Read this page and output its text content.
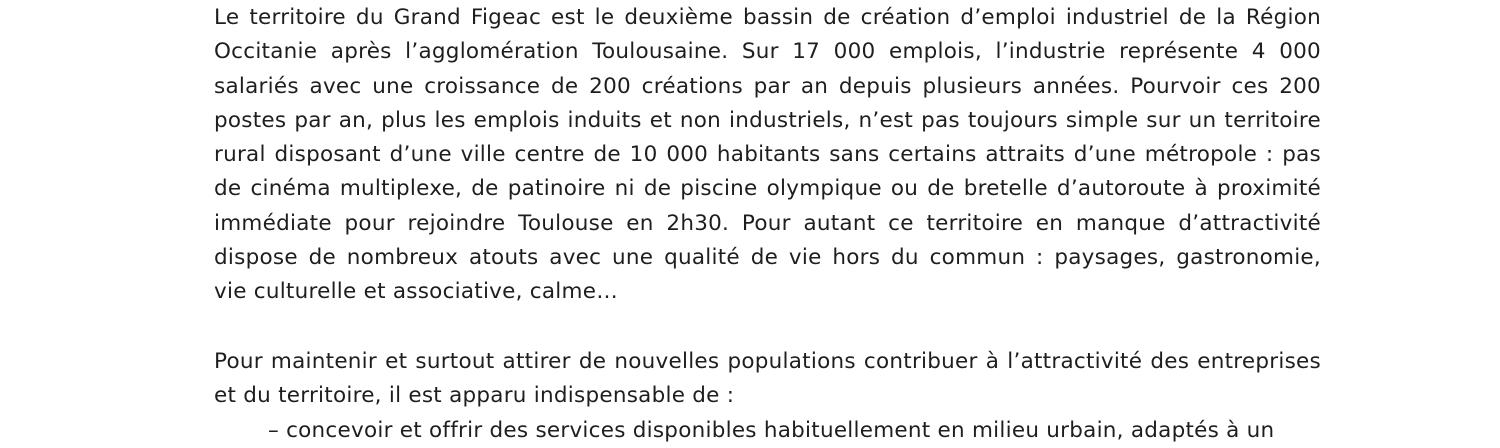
Le territoire du Grand Figeac est le deuxième bassin de création d’emploi industriel de la Région
Occitanie après l’agglomération Toulousaine. Sur 17 000 emplois, l’industrie représente 4 000
salariés avec une croissance de 200 créations par an depuis plusieurs années. Pourvoir ces 200
postes par an, plus les emplois induits et non industriels, n’est pas toujours simple sur un territoire
rural disposant d’une ville centre de 10 000 habitants sans certains attraits d’une métropole : pas
de cinéma multiplexe, de patinoire ni de piscine olympique ou de bretelle d’autoroute à proximité
immédiate pour rejoindre Toulouse en 2h30. Pour autant ce territoire en manque d’attractivité
dispose de nombreux atouts avec une qualité de vie hors du commun : paysages, gastronomie,
vie culturelle et associative, calme…
Pour maintenir et surtout attirer de nouvelles populations contribuer à l’attractivité des entreprises
et du territoire, il est apparu indispensable de :
– concevoir et offrir des services disponibles habituellement en milieu urbain, adaptés à un
